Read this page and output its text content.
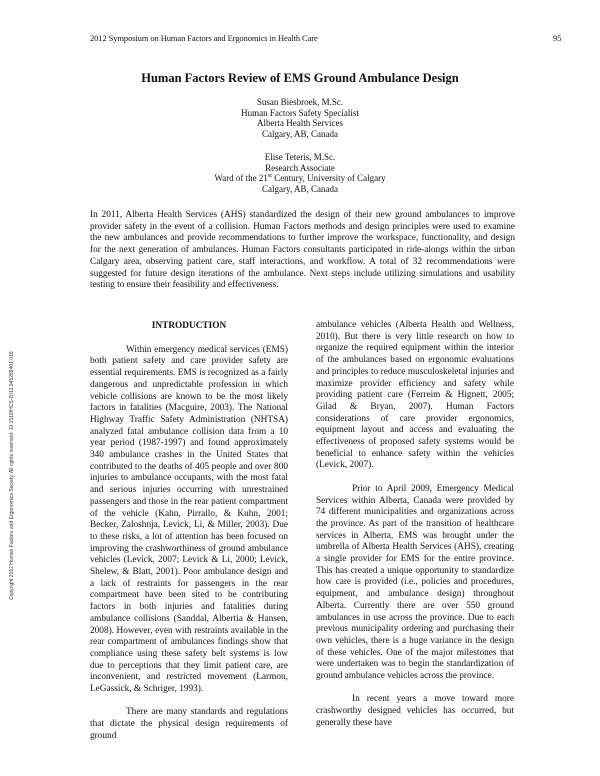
2012 Symposium on Human Factors and Ergonomics in Health Care	95
Human Factors Review of EMS Ground Ambulance Design
Susan Biesbroek, M.Sc.
Human Factors Safety Specialist
Alberta Health Services
Calgary, AB, Canada
Elise Teteris, M.Sc.
Research Associate
Ward of the 21st Century, University of Calgary
Calgary, AB, Canada
In 2011, Alberta Health Services (AHS) standardized the design of their new ground ambulances to improve provider safety in the event of a collision. Human Factors methods and design principles were used to examine the new ambulances and provide recommendations to further improve the workspace, functionality, and design for the next generation of ambulances. Human Factors consultants participated in ride-alongs within the urban Calgary area, observing patient care, staff interactions, and workflow. A total of 32 recommendations were suggested for future design iterations of the ambulance. Next steps include utilizing simulations and usability testing to ensure their feasibility and effectiveness.

INTRODUCTION

Within emergency medical services (EMS) both patient safety and care provider safety are essential requirements. EMS is recognized as a fairly dangerous and unpredictable profession in which vehicle collisions are known to be the most likely factors in fatalities (Macguire, 2003). The National Highway Traffic Safety Administration (NHTSA) analyzed fatal ambulance collision data from a 10 year period (1987-1997) and found approximately 340 ambulance crashes in the United States that contributed to the deaths of 405 people and over 800 injuries to ambulance occupants, with the most fatal and serious injuries occurring with unrestrained passengers and those in the rear patient compartment of the vehicle (Kahn, Pirrallo, & Kuhn, 2001; Becker, Zaloshnja, Levick, Li, & Miller, 2003). Due to these risks, a lot of attention has been focused on improving the crashworthiness of ground ambulance vehicles (Levick, 2007; Levick & Li, 2000; Levick, Shelew, & Blatt, 2001). Poor ambulance design and a lack of restraints for passengers in the rear compartment have been sited to be contributing factors in both injuries and fatalities during ambulance collisions (Sanddal, Albertia & Hansen, 2008). However, even with restraints available in the rear compartment of ambulances findings show that compliance using these safety belt systems is low due to perceptions that they limit patient care, are inconvenient, and restricted movement (Larmon, LeGassick, & Schriger, 1993).

There are many standards and regulations that dictate the physical design requirements of ground

ambulance vehicles (Alberta Health and Wellness, 2010). But there is very little research on how to organize the required equipment within the interior of the ambulances based on ergonomic evaluations and principles to reduce musculoskeletal injuries and maximize provider efficiency and safety while providing patient care (Ferreim & Hignett, 2005; Gilad & Bryan, 2007). Human Factors considerations of care provider ergonomics, equipment layout and access and evaluating the effectiveness of proposed safety systems would be beneficial to enhance safety within the vehicles (Levick, 2007).

Prior to April 2009, Emergency Medical Services within Alberta, Canada were provided by 74 different municipalities and organizations across the province. As part of the transition of healthcare services in Alberta, EMS was brought under the umbrella of Alberta Health Services (AHS), creating a single provider for EMS for the entire province. This has created a unique opportunity to standardize how care is provided (i.e., policies and procedures, equipment, and ambulance design) throughout Alberta. Currently there are over 550 ground ambulances in use across the province. Due to each previous municipality ordering and purchasing their own vehicles, there is a huge variance in the design of these vehicles. One of the major milestones that were undertaken was to begin the standardization of ground ambulance vehicles across the province.

In recent years a move toward more crashworthy designed vehicles has occurred, but generally these have

Copyright 2012 Human Factors and Ergonomics Society. All rights reserved. 10.1518/HCS-2012.945289401.018
